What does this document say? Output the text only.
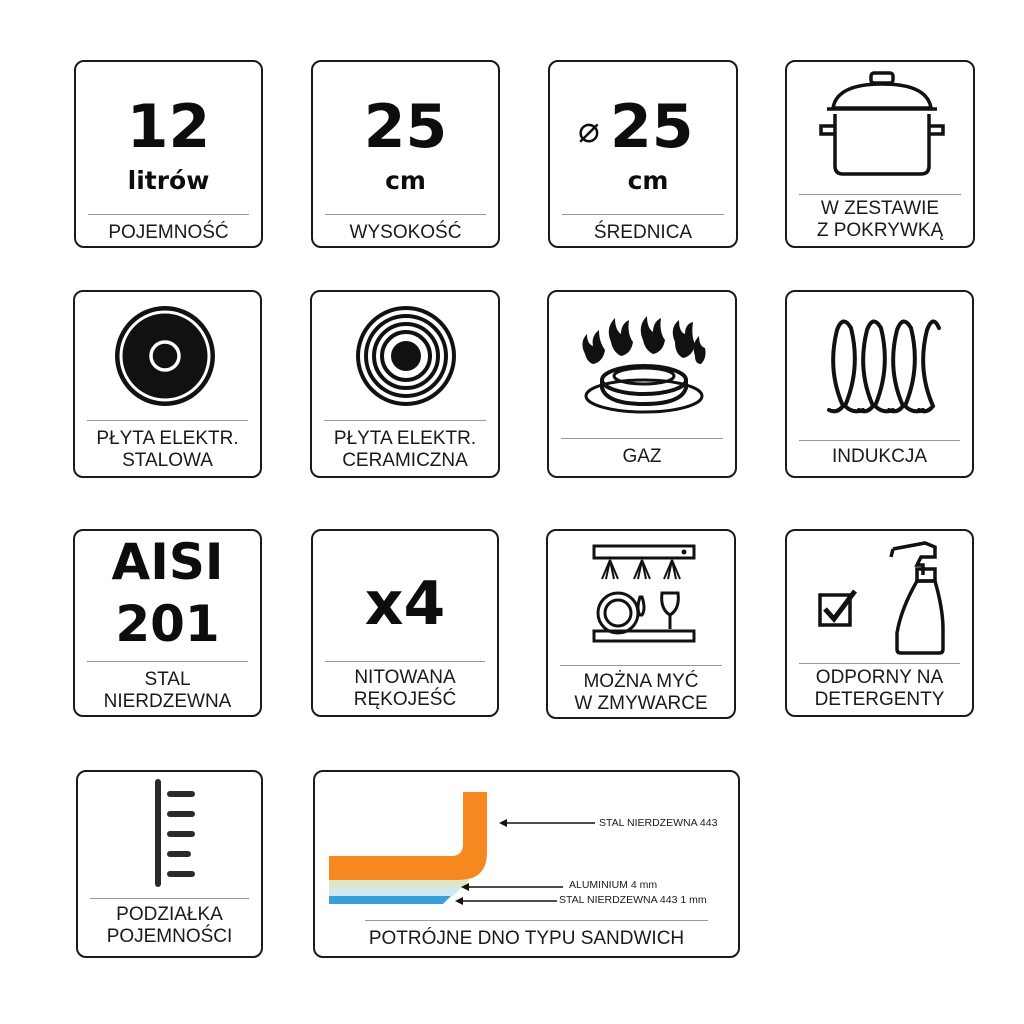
12
litrów
POJEMNOŚĆ
25
cm
WYSOKOŚĆ
⌀ 25
cm
ŚREDNICA
W ZESTAWIE
Z POKRYWKĄ
PŁYTA ELEKTR.
STALOWA
PŁYTA ELEKTR.
CERAMICZNA	GAZ	INDUKCJA
AISI
201
STAL
NIERDZEWNA
x4
NITOWANA
RĘKOJEŚĆ
MOŻNA MYĆ
W ZMYWARCE
ODPORNY NA
DETERGENTY
PODZIAŁKA
POJEMNOŚCI
STAL NIERDZEWNA 443
ALUMINIUM 4 mm
STAL NIERDZEWNA 443 1 mm
POTRÓJNE DNO TYPU SANDWICH
